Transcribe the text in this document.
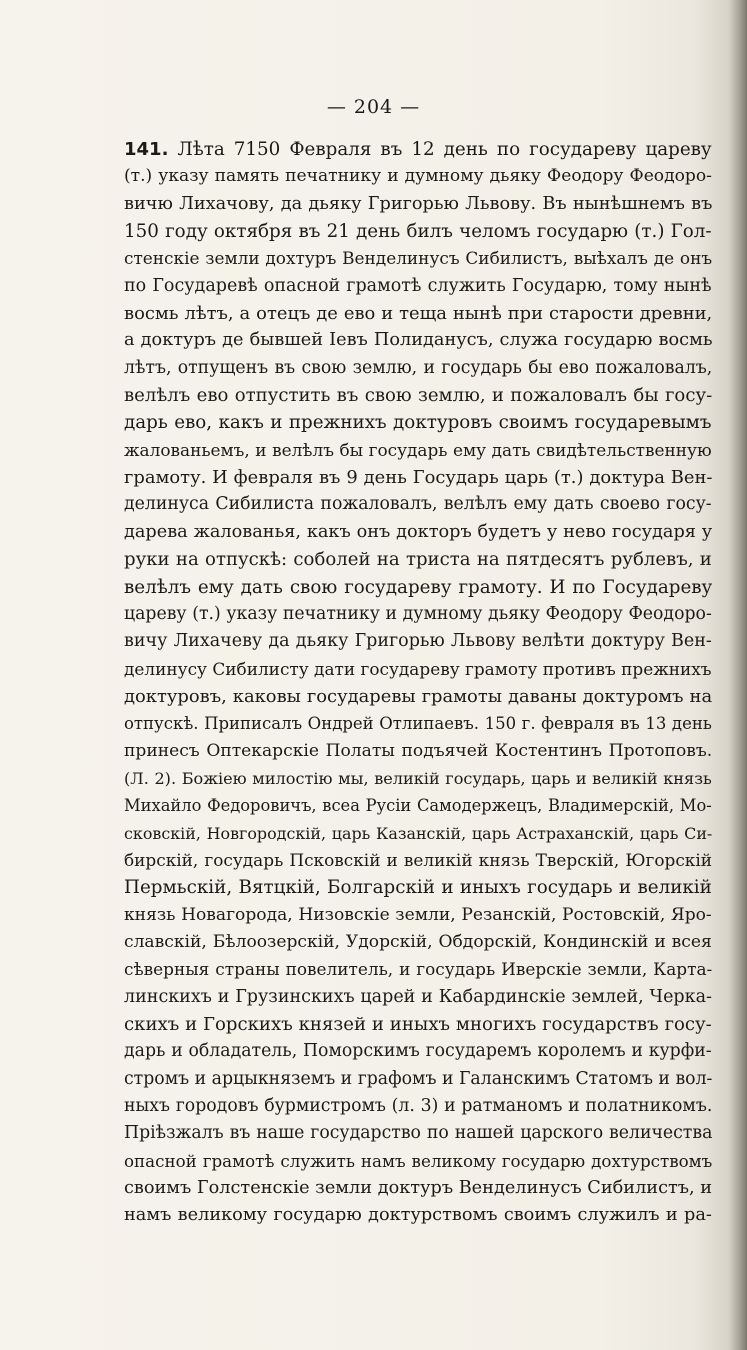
— 204 —
141. Лѣта 7150 Февраля въ 12 день по государеву цареву
(т.) указу память печатнику и думному дьяку Феодору Феодоро-
вичю Лихачову, да дьяку Григорью Львову. Въ нынѣшнемъ въ
150 году октября въ 21 день билъ челомъ государю (т.) Гол-
стенскіе земли дохтуръ Венделинусъ Сибилистъ, выѣхалъ де онъ
по Государевѣ опасной грамотѣ служить Государю, тому нынѣ
восмь лѣтъ, а отецъ де ево и теща нынѣ при старости древни,
а доктуръ де бывшей Іевъ Полиданусъ, служа государю восмь
лѣтъ, отпущенъ въ свою землю, и государь бы ево пожаловалъ,
велѣлъ ево отпустить въ свою землю, и пожаловалъ бы госу-
дарь ево, какъ и прежнихъ доктуровъ своимъ государевымъ
жалованьемъ, и велѣлъ бы государь ему дать свидѣтельственную
грамоту. И февраля въ 9 день Государь царь (т.) доктура Вен-
делинуса Сибилиста пожаловалъ, велѣлъ ему дать своево госу-
дарева жалованья, какъ онъ докторъ будетъ у нево государя у
руки на отпускѣ: соболей на триста на пятдесятъ рублевъ, и
велѣлъ ему дать свою государеву грамоту. И по Государеву
цареву (т.) указу печатнику и думному дьяку Феодору Феодоро-
вичу Лихачеву да дьяку Григорью Львову велѣти доктуру Вен-
делинусу Сибилисту дати государеву грамоту противъ прежнихъ
доктуровъ, каковы государевы грамоты даваны доктуромъ на
отпускѣ. Приписалъ Ондрей Отлипаевъ. 150 г. февраля въ 13 день
принесъ Оптекарскіе Полаты подъячей Костентинъ Протоповъ.
(Л. 2). Божіею милостію мы, великій государь, царь и великій князь
Михайло Федоровичъ, всеа Русіи Самодержецъ, Владимерскій, Мо-
сковскій, Новгородскій, царь Казанскій, царь Астраханскій, царь Си-
бирскій, государь Псковскій и великій князь Тверскій, Югорскій
Пермьскій, Вятцкій, Болгарскій и иныхъ государь и великій
князь Новагорода, Низовскіе земли, Резанскій, Ростовскій, Яро-
славскій, Бѣлоозерскій, Удорскій, Обдорскій, Кондинскій и всея
сѣверныя страны повелитель, и государь Иверскіе земли, Карта-
линскихъ и Грузинскихъ царей и Кабардинскіе землей, Черка-
скихъ и Горскихъ князей и иныхъ многихъ государствъ госу-
дарь и обладатель, Поморскимъ государемъ королемъ и курфи-
стромъ и арцыкняземъ и графомъ и Галанскимъ Статомъ и вол-
ныхъ городовъ бурмистромъ (л. 3) и ратманомъ и полатникомъ.
Пріѣзжалъ въ наше государство по нашей царского величества
опасной грамотѣ служить намъ великому государю дохтурствомъ
своимъ Голстенскіе земли доктуръ Венделинусъ Сибилистъ, и
намъ великому государю доктурствомъ своимъ служилъ и ра-
